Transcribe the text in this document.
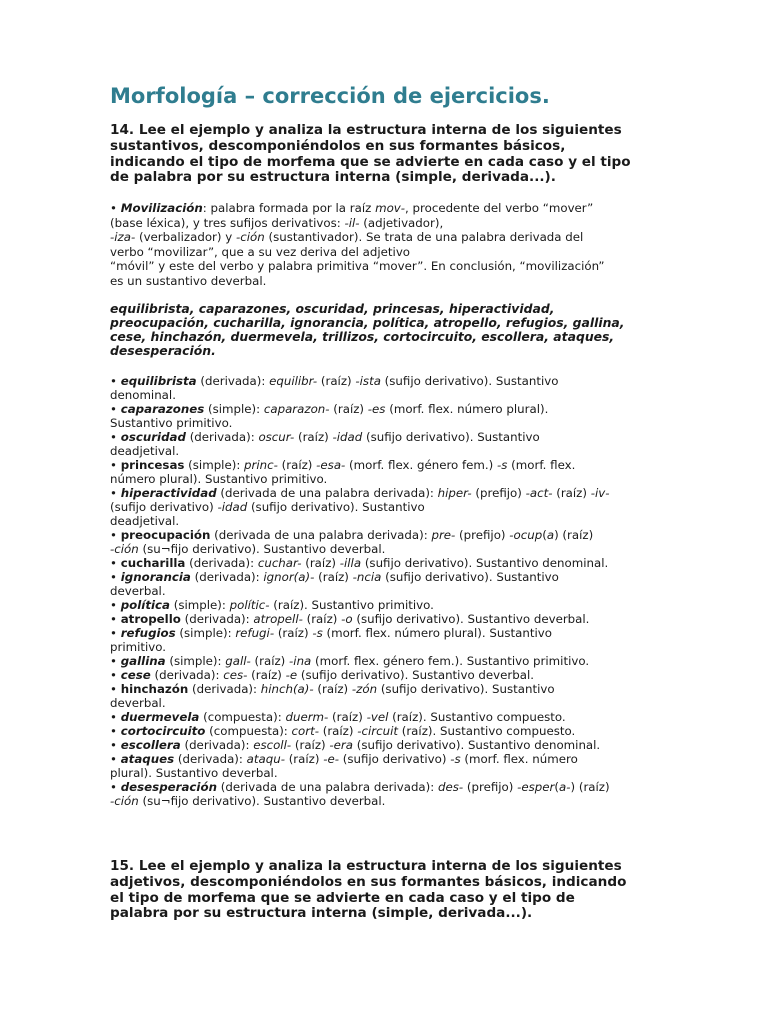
Morfología – corrección de ejercicios.

14. Lee el ejemplo y analiza la estructura interna de los siguientes
sustantivos, descomponiéndolos en sus formantes básicos,
indicando el tipo de morfema que se advierte en cada caso y el tipo
de palabra por su estructura interna (simple, derivada...).

• Movilización: palabra formada por la raíz mov-, procedente del verbo “mover”
(base léxica), y tres sufijos derivativos: -il- (adjetivador),
-iza- (verbalizador) y -ción (sustantivador). Se trata de una palabra derivada del
verbo “movilizar”, que a su vez deriva del adjetivo
“móvil” y este del verbo y palabra primitiva “mover”. En conclusión, “movilización”
es un sustantivo deverbal.

equilibrista, caparazones, oscuridad, princesas, hiperactividad,
preocupación, cucharilla, ignorancia, política, atropello, refugios, gallina,
cese, hinchazón, duermevela, trillizos, cortocircuito, escollera, ataques,
desesperación.

• equilibrista (derivada): equilibr- (raíz) -ista (sufijo derivativo). Sustantivo
denominal.
• caparazones (simple): caparazon- (raíz) -es (morf. flex. número plural).
Sustantivo primitivo.
• oscuridad (derivada): oscur- (raíz) -idad (sufijo derivativo). Sustantivo
deadjetival.
• princesas (simple): princ- (raíz) -esa- (morf. flex. género fem.) -s (morf. flex.
número plural). Sustantivo primitivo.
• hiperactividad (derivada de una palabra derivada): hiper- (prefijo) -act- (raíz) -iv-
(sufijo derivativo) -idad (sufijo derivativo). Sustantivo
deadjetival.
• preocupación (derivada de una palabra derivada): pre- (prefijo) -ocup(a) (raíz)
-ción (su¬fijo derivativo). Sustantivo deverbal.
• cucharilla (derivada): cuchar- (raíz) -illa (sufijo derivativo). Sustantivo denominal.
• ignorancia (derivada): ignor(a)- (raíz) -ncia (sufijo derivativo). Sustantivo
deverbal.
• política (simple): polític- (raíz). Sustantivo primitivo.
• atropello (derivada): atropell- (raíz) -o (sufijo derivativo). Sustantivo deverbal.
• refugios (simple): refugi- (raíz) -s (morf. flex. número plural). Sustantivo
primitivo.
• gallina (simple): gall- (raíz) -ina (morf. flex. género fem.). Sustantivo primitivo.
• cese (derivada): ces- (raíz) -e (sufijo derivativo). Sustantivo deverbal.
• hinchazón (derivada): hinch(a)- (raíz) -zón (sufijo derivativo). Sustantivo
deverbal.
• duermevela (compuesta): duerm- (raíz) -vel (raíz). Sustantivo compuesto.
• cortocircuito (compuesta): cort- (raíz) -circuit (raíz). Sustantivo compuesto.
• escollera (derivada): escoll- (raíz) -era (sufijo derivativo). Sustantivo denominal.
• ataques (derivada): ataqu- (raíz) -e- (sufijo derivativo) -s (morf. flex. número
plural). Sustantivo deverbal.
• desesperación (derivada de una palabra derivada): des- (prefijo) -esper(a-) (raíz)
-ción (su¬fijo derivativo). Sustantivo deverbal.

15. Lee el ejemplo y analiza la estructura interna de los siguientes
adjetivos, descomponiéndolos en sus formantes básicos, indicando
el tipo de morfema que se advierte en cada caso y el tipo de
palabra por su estructura interna (simple, derivada...).
